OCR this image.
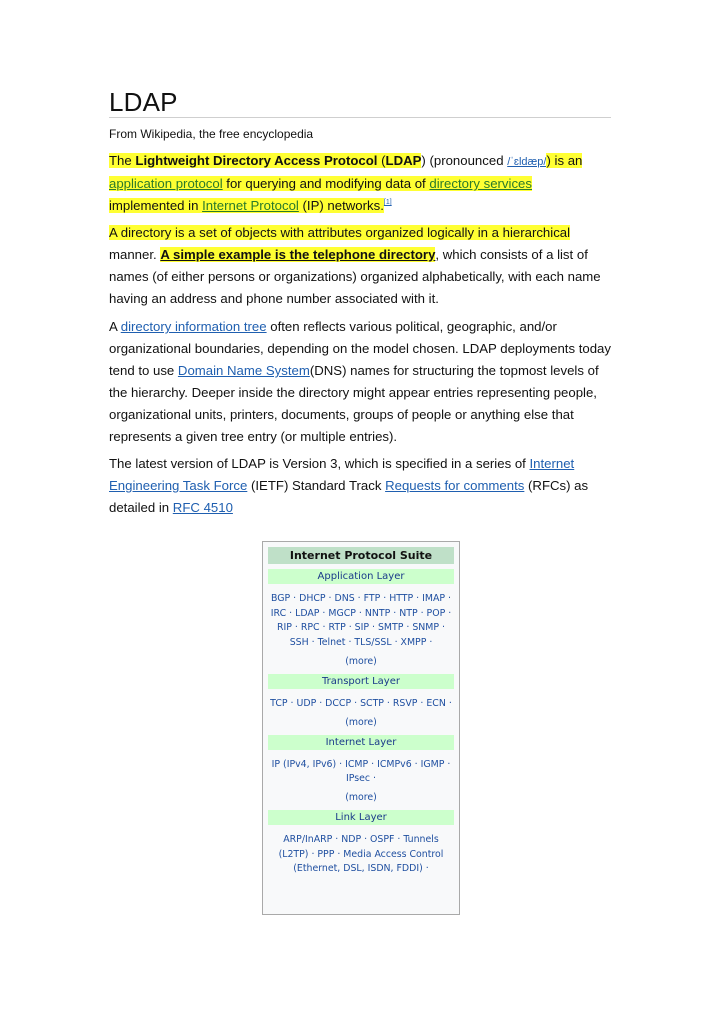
LDAP
From Wikipedia, the free encyclopedia

The Lightweight Directory Access Protocol (LDAP) (pronounced /ˈɛldæp/) is an application protocol for querying and modifying data of directory services implemented in Internet Protocol (IP) networks.[1]

A directory is a set of objects with attributes organized logically in a hierarchical manner. A simple example is the telephone directory, which consists of a list of names (of either persons or organizations) organized alphabetically, with each name having an address and phone number associated with it.

A directory information tree often reflects various political, geographic, and/or organizational boundaries, depending on the model chosen. LDAP deployments today tend to use Domain Name System(DNS) names for structuring the topmost levels of the hierarchy. Deeper inside the directory might appear entries representing people, organizational units, printers, documents, groups of people or anything else that represents a given tree entry (or multiple entries).

The latest version of LDAP is Version 3, which is specified in a series of Internet Engineering Task Force (IETF) Standard Track Requests for comments (RFCs) as detailed in RFC 4510

Internet Protocol Suite
Application Layer
BGP · DHCP · DNS · FTP · HTTP · IMAP · IRC · LDAP · MGCP · NNTP · NTP · POP · RIP · RPC · RTP · SIP · SMTP · SNMP · SSH · Telnet · TLS/SSL · XMPP ·
(more)
Transport Layer
TCP · UDP · DCCP · SCTP · RSVP · ECN ·
(more)
Internet Layer
IP (IPv4, IPv6) · ICMP · ICMPv6 · IGMP · IPsec ·
(more)
Link Layer
ARP/InARP · NDP · OSPF · Tunnels (L2TP) · PPP · Media Access Control (Ethernet, DSL, ISDN, FDDI) ·
